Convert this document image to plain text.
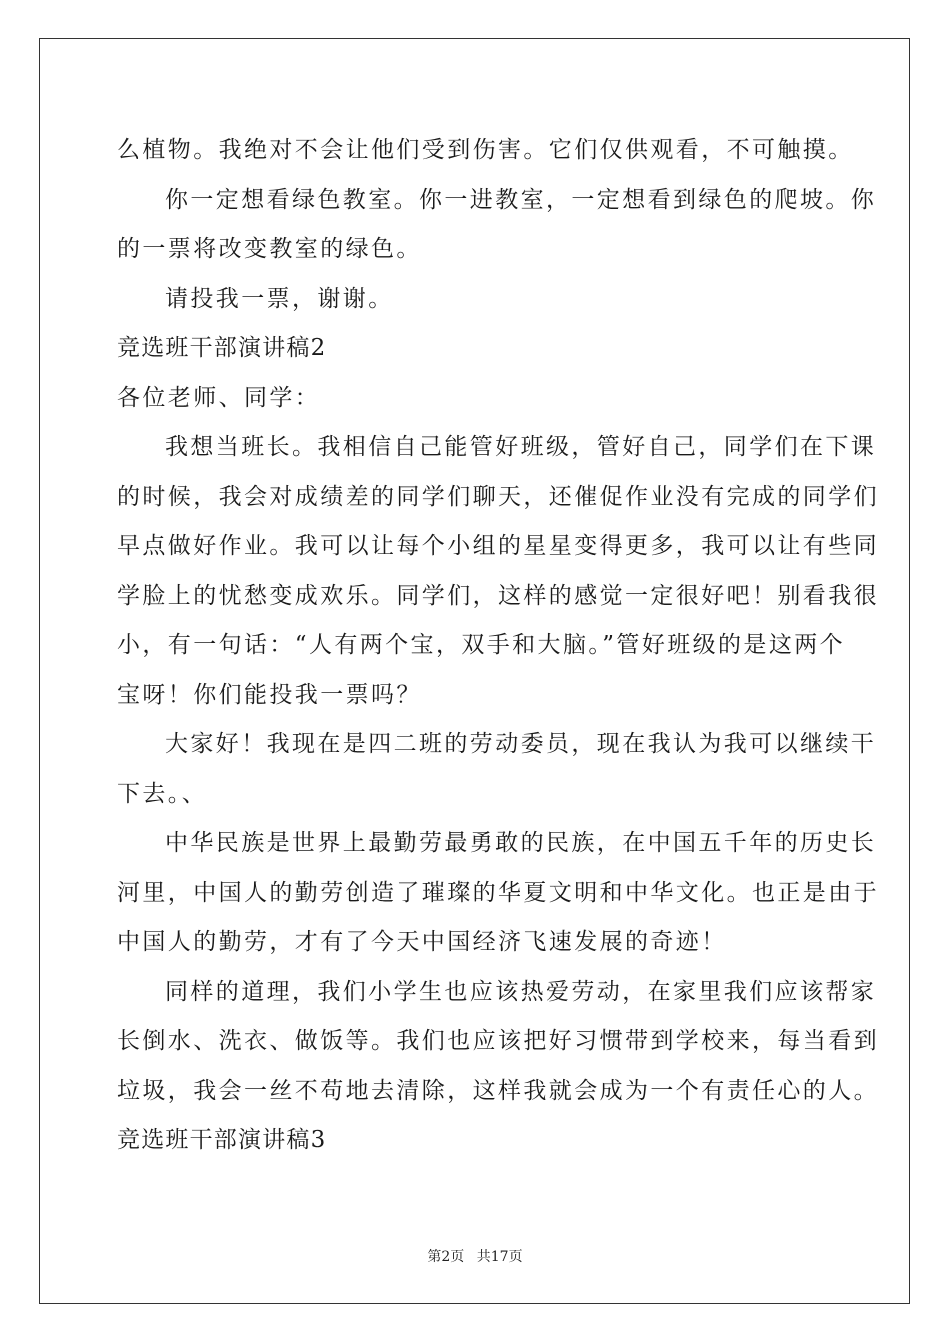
么植物。我绝对不会让他们受到伤害。它们仅供观看，不可触摸。
你一定想看绿色教室。你一进教室，一定想看到绿色的爬坡。你
的一票将改变教室的绿色。
请投我一票，谢谢。
竞选班干部演讲稿2
各位老师、同学：
我想当班长。我相信自己能管好班级，管好自己，同学们在下课
的时候，我会对成绩差的同学们聊天，还催促作业没有完成的同学们
早点做好作业。我可以让每个小组的星星变得更多，我可以让有些同
学脸上的忧愁变成欢乐。同学们，这样的感觉一定很好吧！别看我很
小，有一句话：“人有两个宝，双手和大脑。”管好班级的是这两个
宝呀！你们能投我一票吗？
大家好！我现在是四二班的劳动委员，现在我认为我可以继续干
下去。、
中华民族是世界上最勤劳最勇敢的民族，在中国五千年的历史长
河里，中国人的勤劳创造了璀璨的华夏文明和中华文化。也正是由于
中国人的勤劳，才有了今天中国经济飞速发展的奇迹！
同样的道理，我们小学生也应该热爱劳动，在家里我们应该帮家
长倒水、洗衣、做饭等。我们也应该把好习惯带到学校来，每当看到
垃圾，我会一丝不苟地去清除，这样我就会成为一个有责任心的人。
竞选班干部演讲稿3
第2页 共17页
